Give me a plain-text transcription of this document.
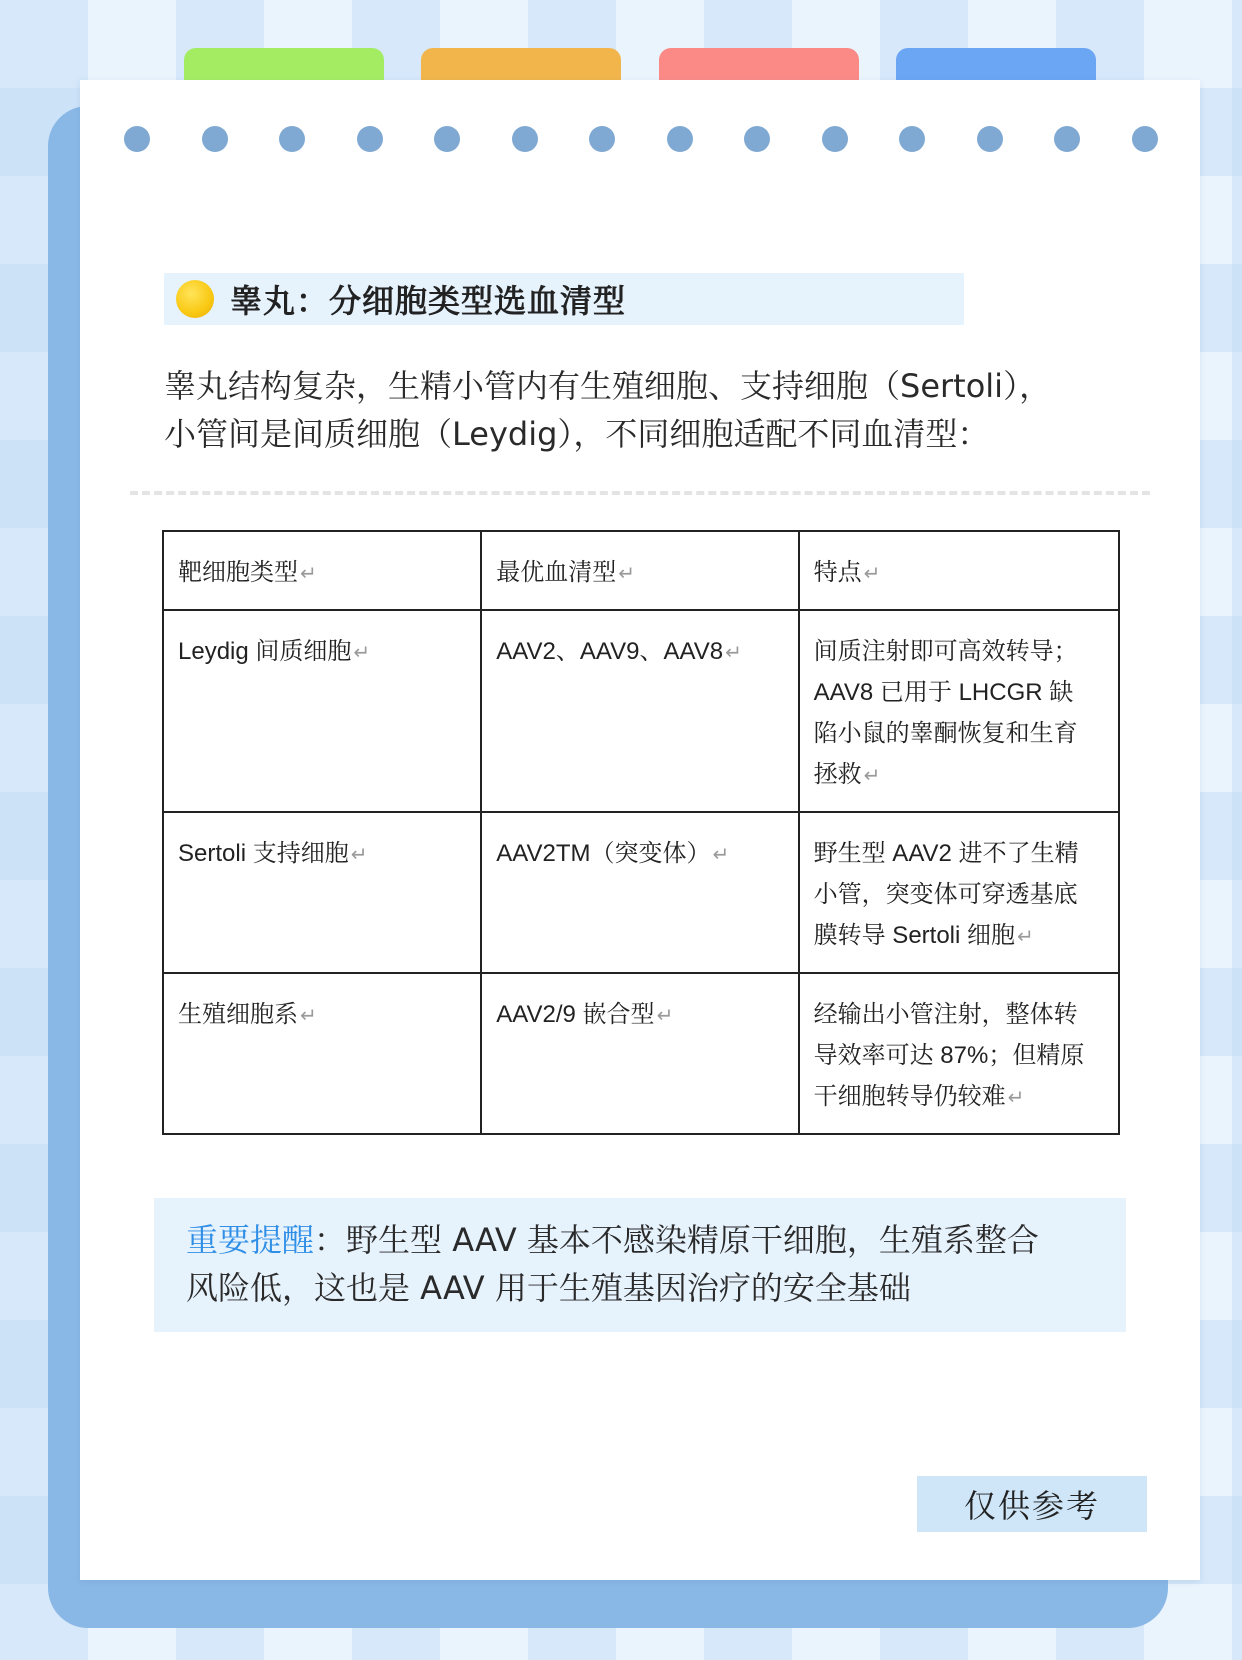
睾丸：分细胞类型选血清型
睾丸结构复杂，生精小管内有生殖细胞、支持细胞（Sertoli），
小管间是间质细胞（Leydig），不同细胞适配不同血清型：
靶细胞类型 ↵	最优血清型 ↵	特点 ↵
Leydig 间质细胞 ↵	AAV2、AAV9、AAV8 ↵	间质注射即可高效转导；
AAV8 已用于 LHCGR 缺
陷小鼠的睾酮恢复和生育
拯救 ↵

Sertoli 支持细胞 ↵	AAV2TM（突变体） ↵	野生型 AAV2 进不了生精
小管，突变体可穿透基底
膜转导 Sertoli 细胞 ↵

生殖细胞系 ↵	AAV2/9 嵌合型 ↵	经输出小管注射，整体转
导效率可达 87%；但精原
干细胞转导仍较难 ↵
重要提醒：野生型 AAV 基本不感染精原干细胞，生殖系整合
风险低，这也是 AAV 用于生殖基因治疗的安全基础
仅供参考
